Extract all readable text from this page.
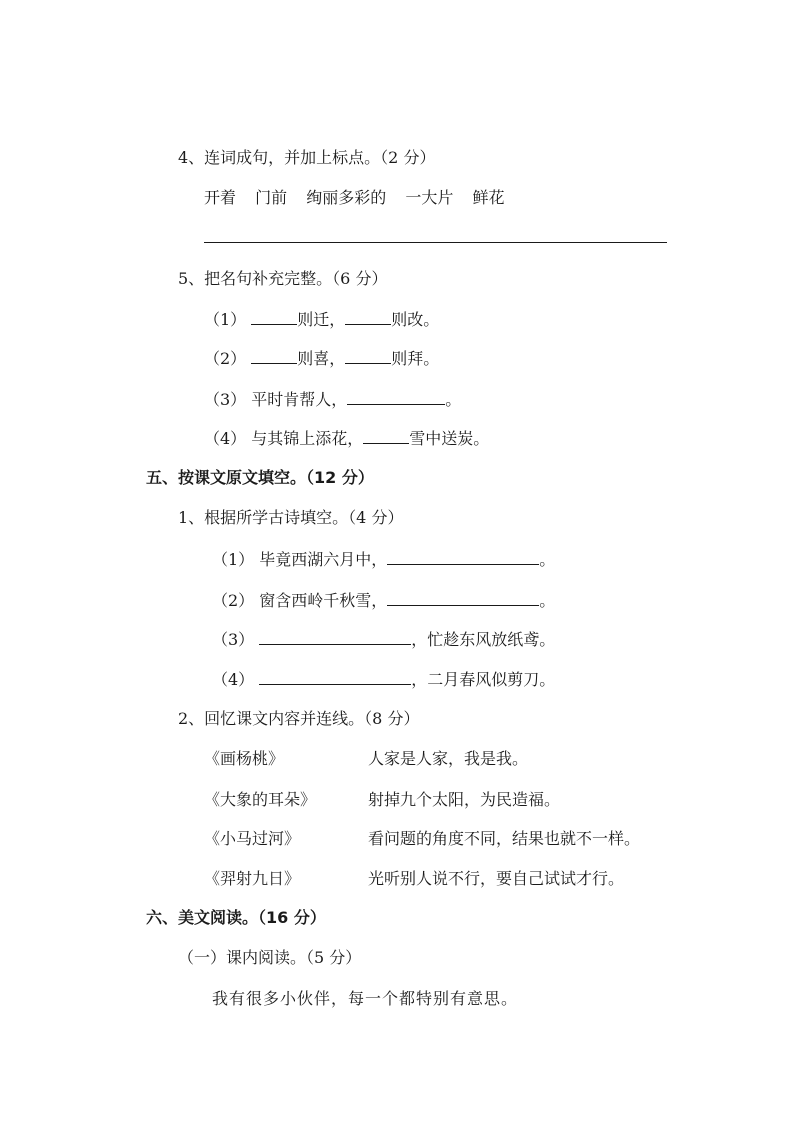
4、连词成句，并加上标点。（2 分）
开着 门前 绚丽多彩的 一大片 鲜花
5、把名句补充完整。（6 分）
（1）	则迁，	则改。
（2）	则喜，	则拜。
（3） 平时肯帮人，	。
（4） 与其锦上添花，	雪中送炭。
五、按课文原文填空。（12 分）
1、根据所学古诗填空。（4 分）
（1） 毕竟西湖六月中，	。
（2） 窗含西岭千秋雪，	。
（3）	，忙趁东风放纸鸢。
（4）	，二月春风似剪刀。
2、回忆课文内容并连线。（8 分）
《画杨桃》	人家是人家，我是我。
《大象的耳朵》	射掉九个太阳，为民造福。
《小马过河》	看问题的角度不同，结果也就不一样。
《羿射九日》	光听别人说不行，要自己试试才行。
六、美文阅读。（16 分）
（一）课内阅读。（5 分）
我有很多小伙伴，每一个都特别有意思。
